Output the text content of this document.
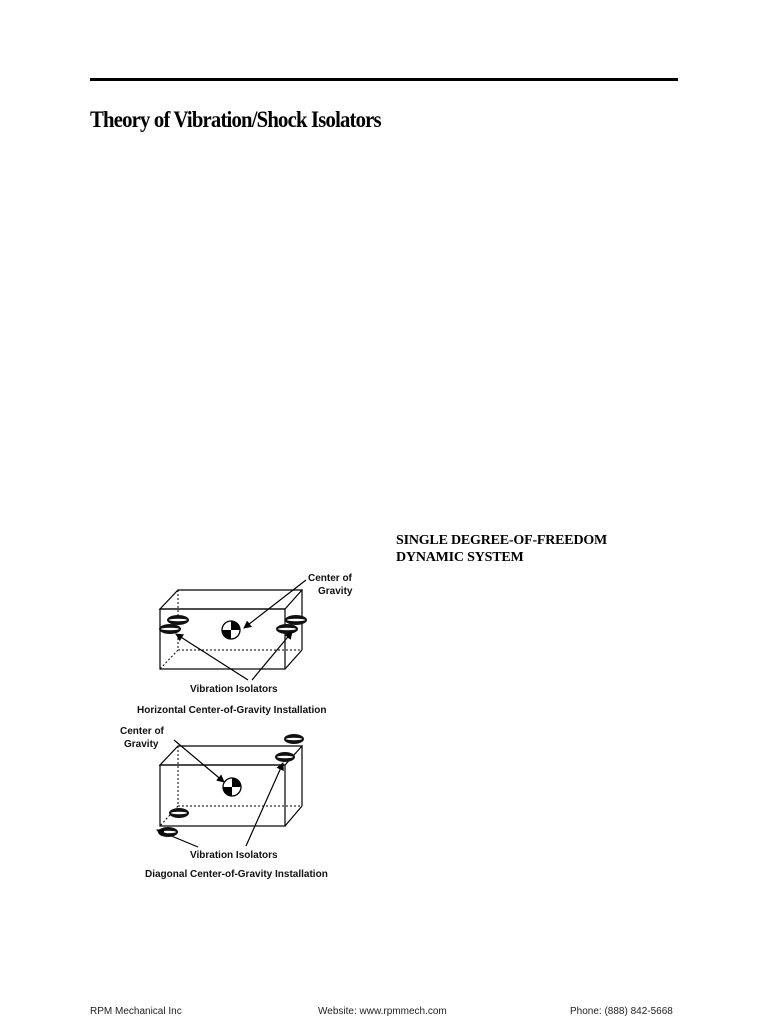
Theory of Vibration/Shock Isolators
SINGLE DEGREE-OF-FREEDOM
DYNAMIC SYSTEM
Center of
Gravity
Vibration Isolators
Horizontal Center-of-Gravity Installation
Center of
Gravity
Vibration Isolators
Diagonal Center-of-Gravity Installation
RPM Mechanical Inc	Website: www.rpmmech.com	Phone: (888) 842-5668
